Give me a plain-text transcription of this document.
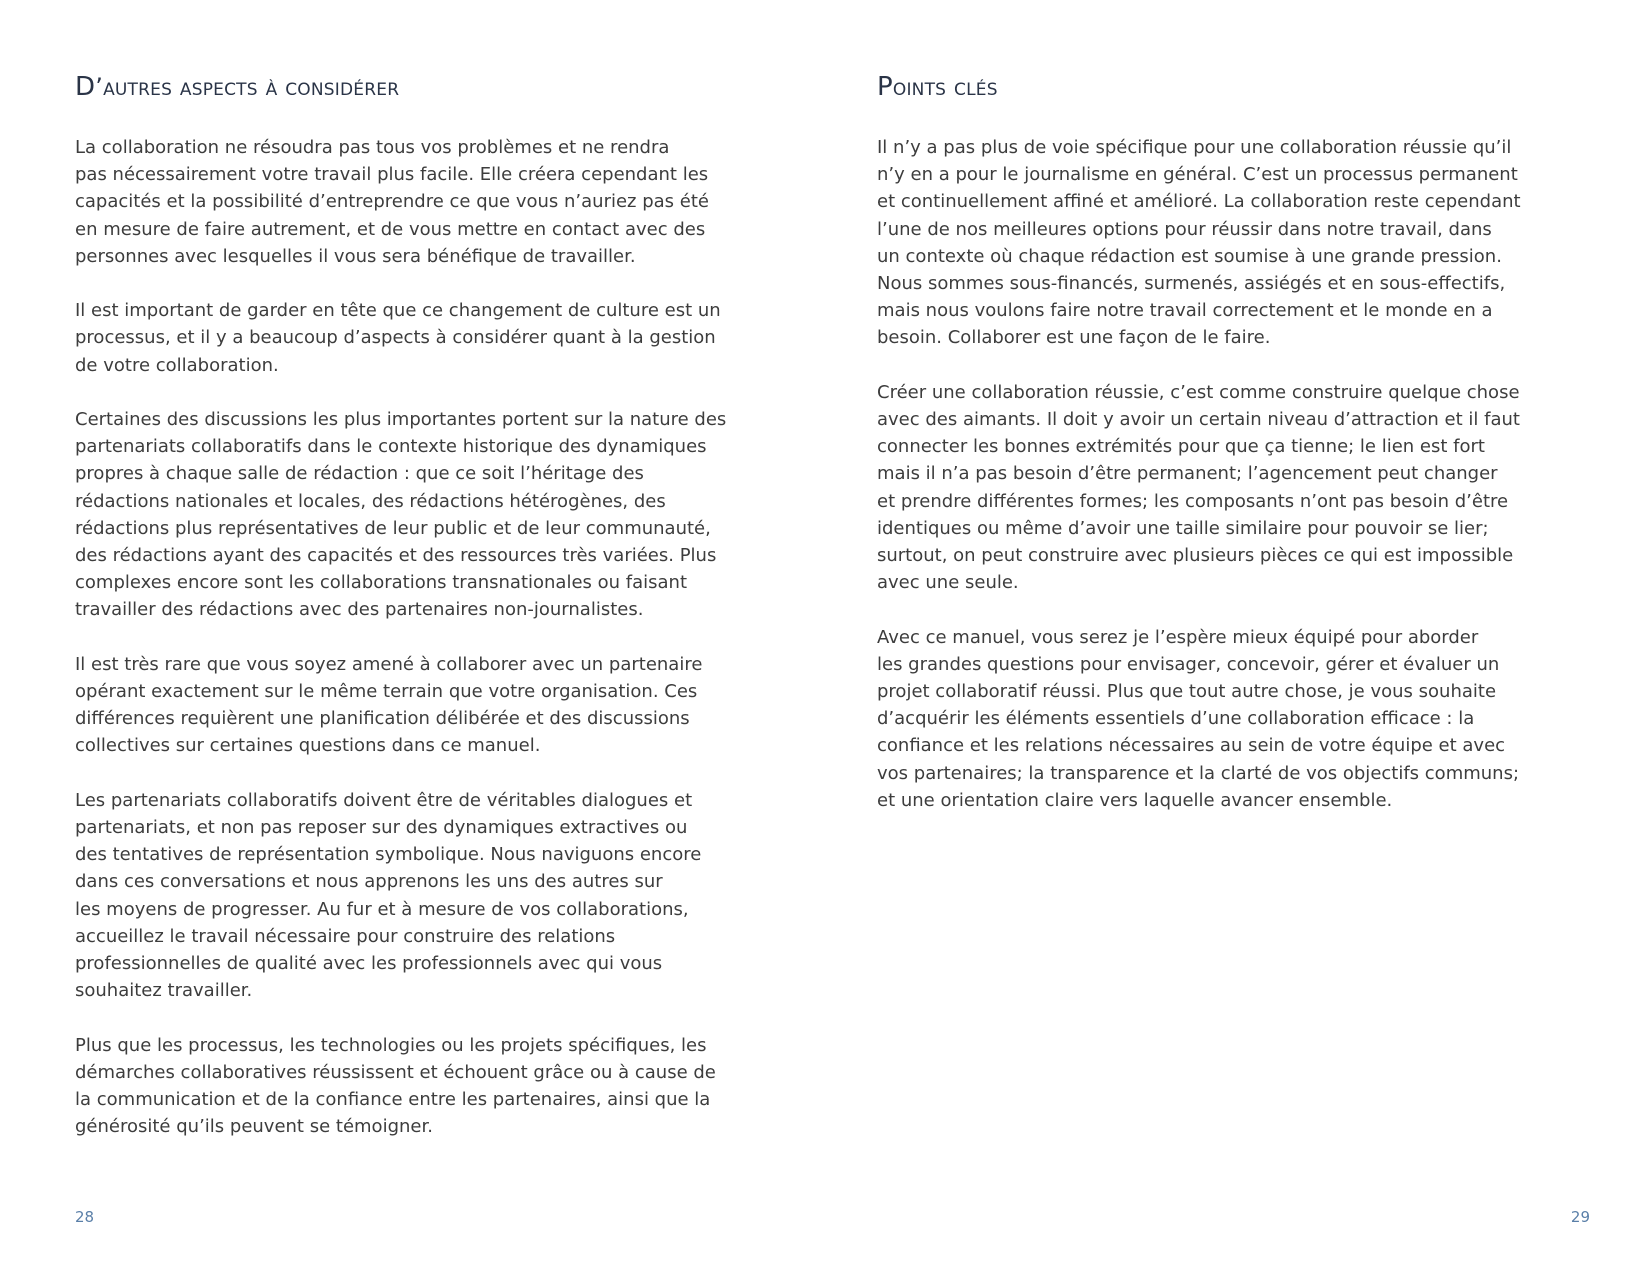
D’autres aspects à considérer

La collaboration ne résoudra pas tous vos problèmes et ne rendra
pas nécessairement votre travail plus facile. Elle créera cependant les
capacités et la possibilité d’entreprendre ce que vous n’auriez pas été
en mesure de faire autrement, et de vous mettre en contact avec des
personnes avec lesquelles il vous sera bénéfique de travailler.

Il est important de garder en tête que ce changement de culture est un
processus, et il y a beaucoup d’aspects à considérer quant à la gestion
de votre collaboration.

Certaines des discussions les plus importantes portent sur la nature des
partenariats collaboratifs dans le contexte historique des dynamiques
propres à chaque salle de rédaction : que ce soit l’héritage des
rédactions nationales et locales, des rédactions hétérogènes, des
rédactions plus représentatives de leur public et de leur communauté,
des rédactions ayant des capacités et des ressources très variées. Plus
complexes encore sont les collaborations transnationales ou faisant
travailler des rédactions avec des partenaires non-journalistes.

Il est très rare que vous soyez amené à collaborer avec un partenaire
opérant exactement sur le même terrain que votre organisation. Ces
différences requièrent une planification délibérée et des discussions
collectives sur certaines questions dans ce manuel.

Les partenariats collaboratifs doivent être de véritables dialogues et
partenariats, et non pas reposer sur des dynamiques extractives ou
des tentatives de représentation symbolique. Nous naviguons encore
dans ces conversations et nous apprenons les uns des autres sur
les moyens de progresser. Au fur et à mesure de vos collaborations,
accueillez le travail nécessaire pour construire des relations
professionnelles de qualité avec les professionnels avec qui vous
souhaitez travailler.

Plus que les processus, les technologies ou les projets spécifiques, les
démarches collaboratives réussissent et échouent grâce ou à cause de
la communication et de la confiance entre les partenaires, ainsi que la
générosité qu’ils peuvent se témoigner.

28
Points clés

Il n’y a pas plus de voie spécifique pour une collaboration réussie qu’il
n’y en a pour le journalisme en général. C’est un processus permanent
et continuellement affiné et amélioré. La collaboration reste cependant
l’une de nos meilleures options pour réussir dans notre travail, dans
un contexte où chaque rédaction est soumise à une grande pression.
Nous sommes sous-financés, surmenés, assiégés et en sous-effectifs,
mais nous voulons faire notre travail correctement et le monde en a
besoin. Collaborer est une façon de le faire.

Créer une collaboration réussie, c’est comme construire quelque chose
avec des aimants. Il doit y avoir un certain niveau d’attraction et il faut
connecter les bonnes extrémités pour que ça tienne; le lien est fort
mais il n’a pas besoin d’être permanent; l’agencement peut changer
et prendre différentes formes; les composants n’ont pas besoin d’être
identiques ou même d’avoir une taille similaire pour pouvoir se lier;
surtout, on peut construire avec plusieurs pièces ce qui est impossible
avec une seule.

Avec ce manuel, vous serez je l’espère mieux équipé pour aborder
les grandes questions pour envisager, concevoir, gérer et évaluer un
projet collaboratif réussi. Plus que tout autre chose, je vous souhaite
d’acquérir les éléments essentiels d’une collaboration efficace : la
confiance et les relations nécessaires au sein de votre équipe et avec
vos partenaires; la transparence et la clarté de vos objectifs communs;
et une orientation claire vers laquelle avancer ensemble.

29
